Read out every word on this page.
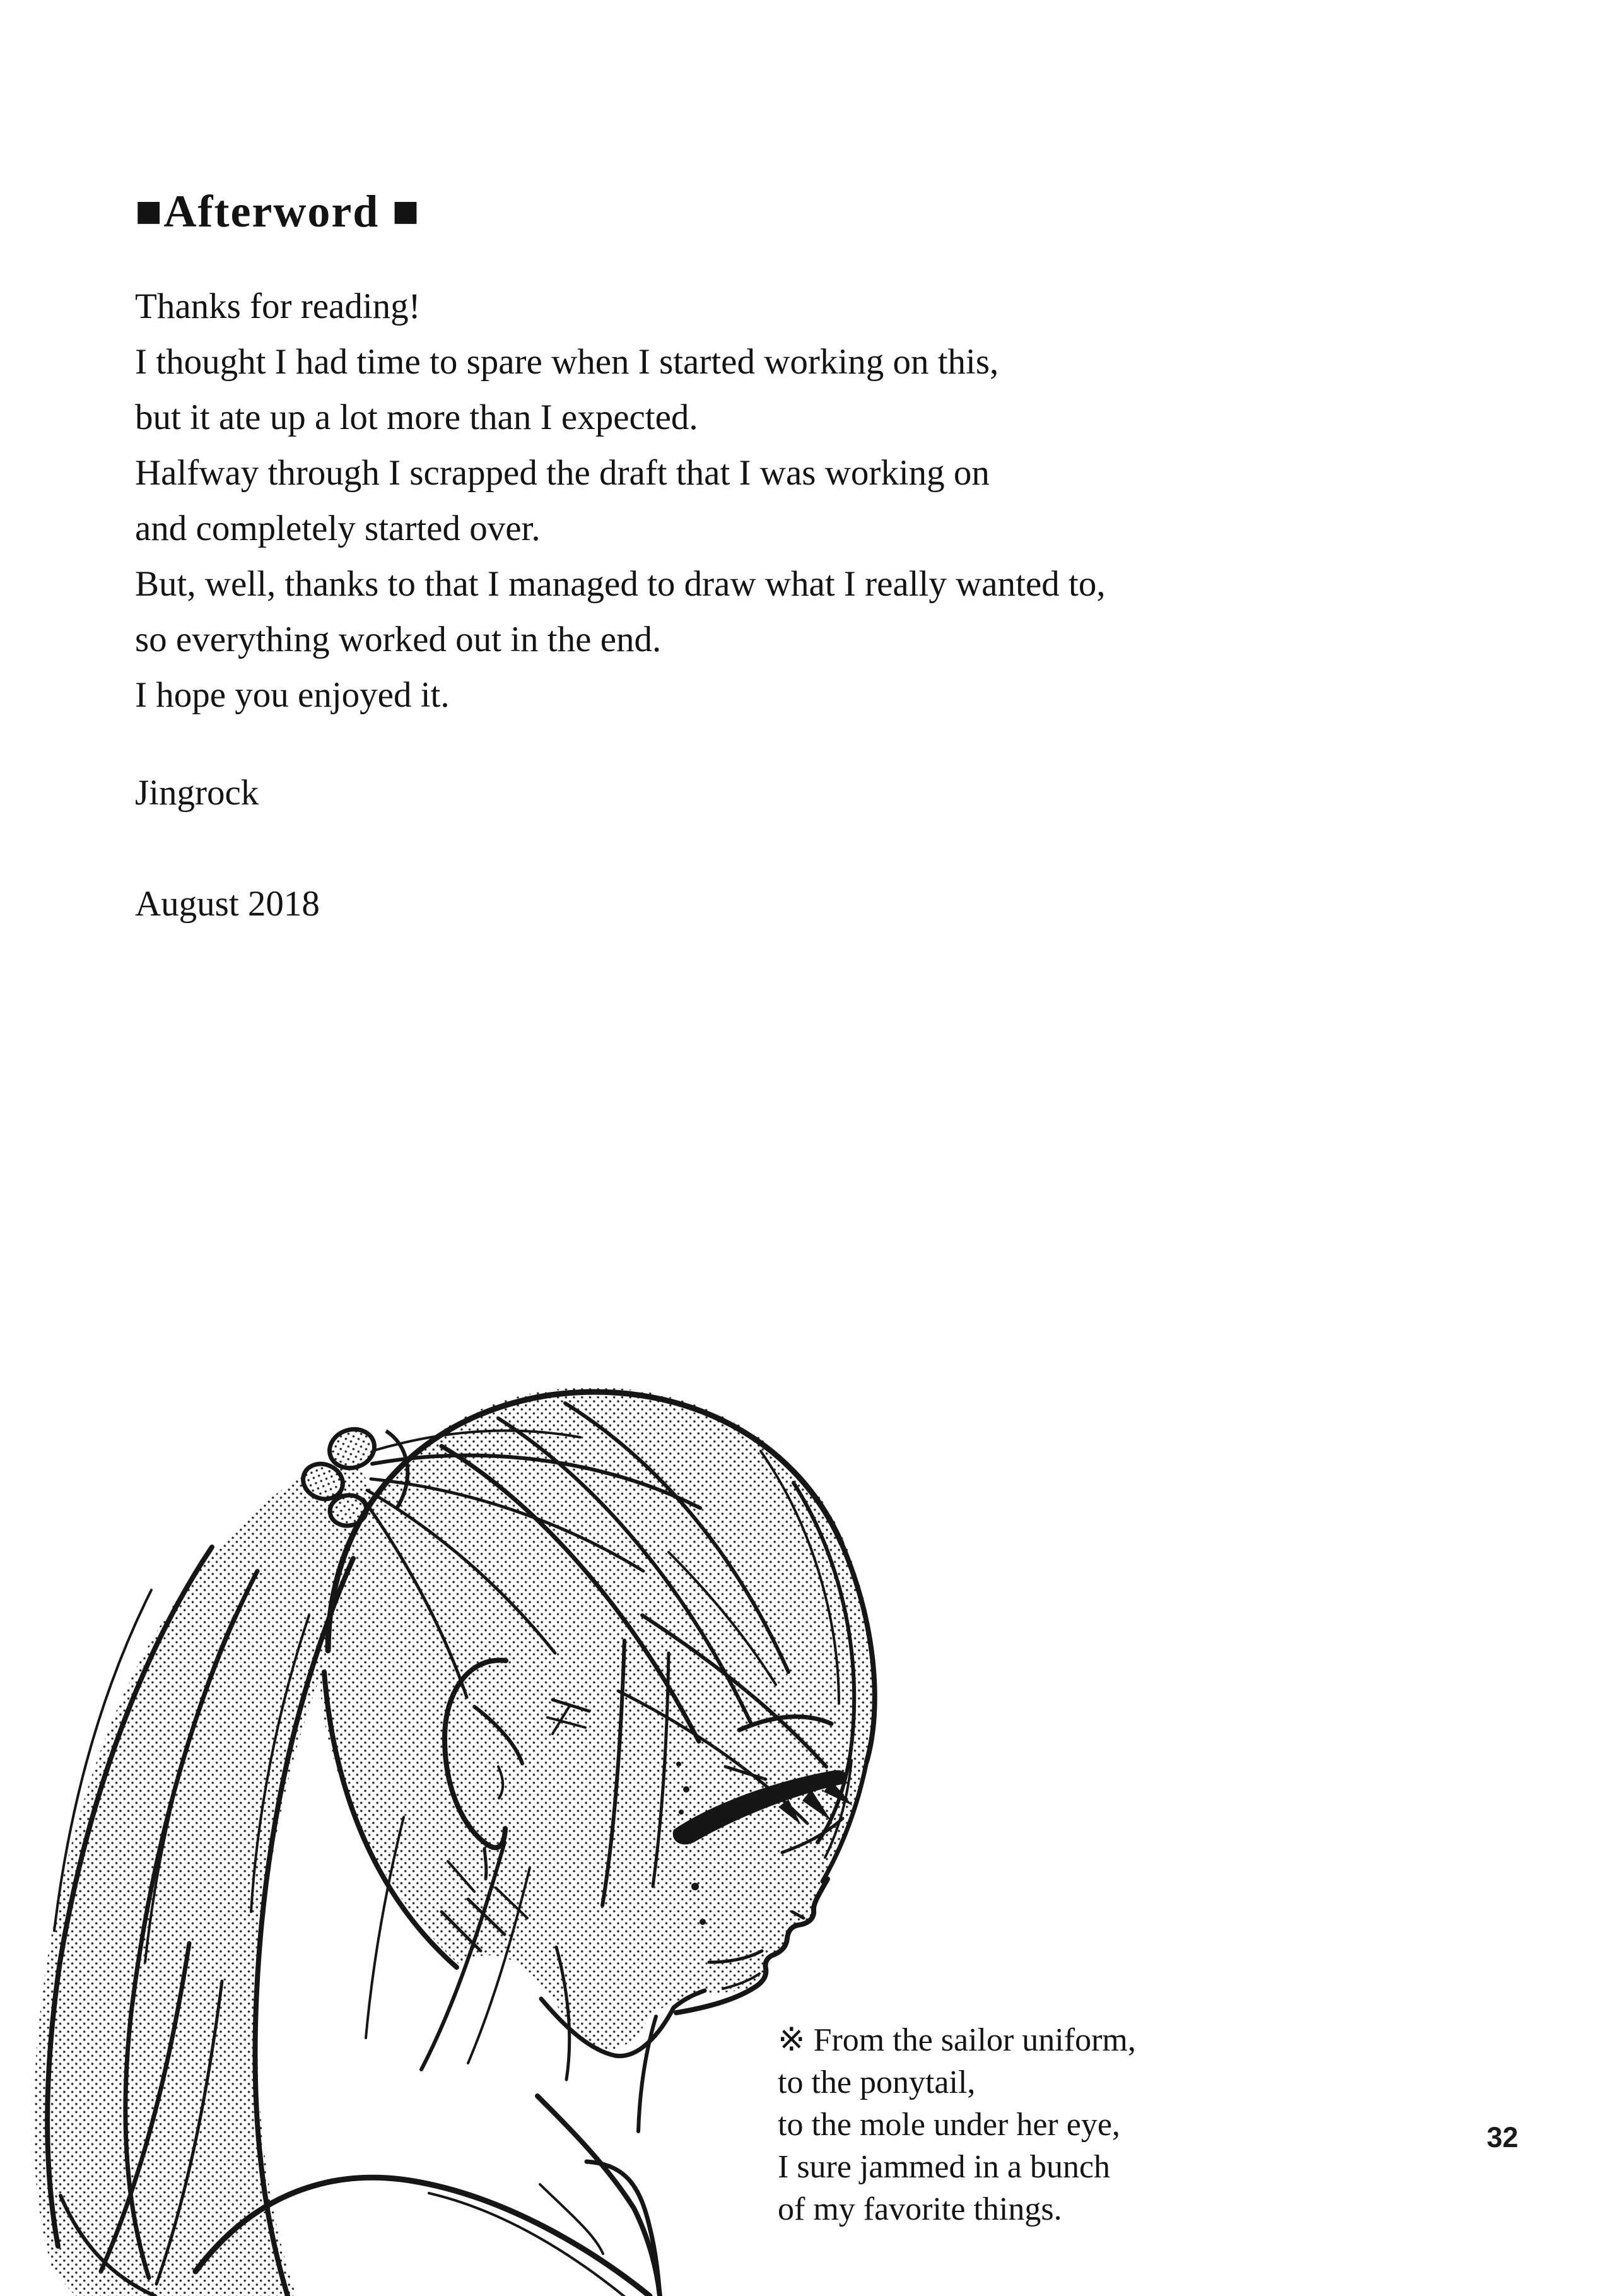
■Afterword ■

Thanks for reading!

I thought I had time to spare when I started working on this,

but it ate up a lot more than I expected.

Halfway through I scrapped the draft that I was working on

and completely started over.

But, well, thanks to that I managed to draw what I really wanted to,

so everything worked out in the end.

I hope you enjoyed it.

Jingrock

August 2018

※ From the sailor uniform,

to the ponytail,

to the mole under her eye,

I sure jammed in a bunch

of my favorite things.

32
